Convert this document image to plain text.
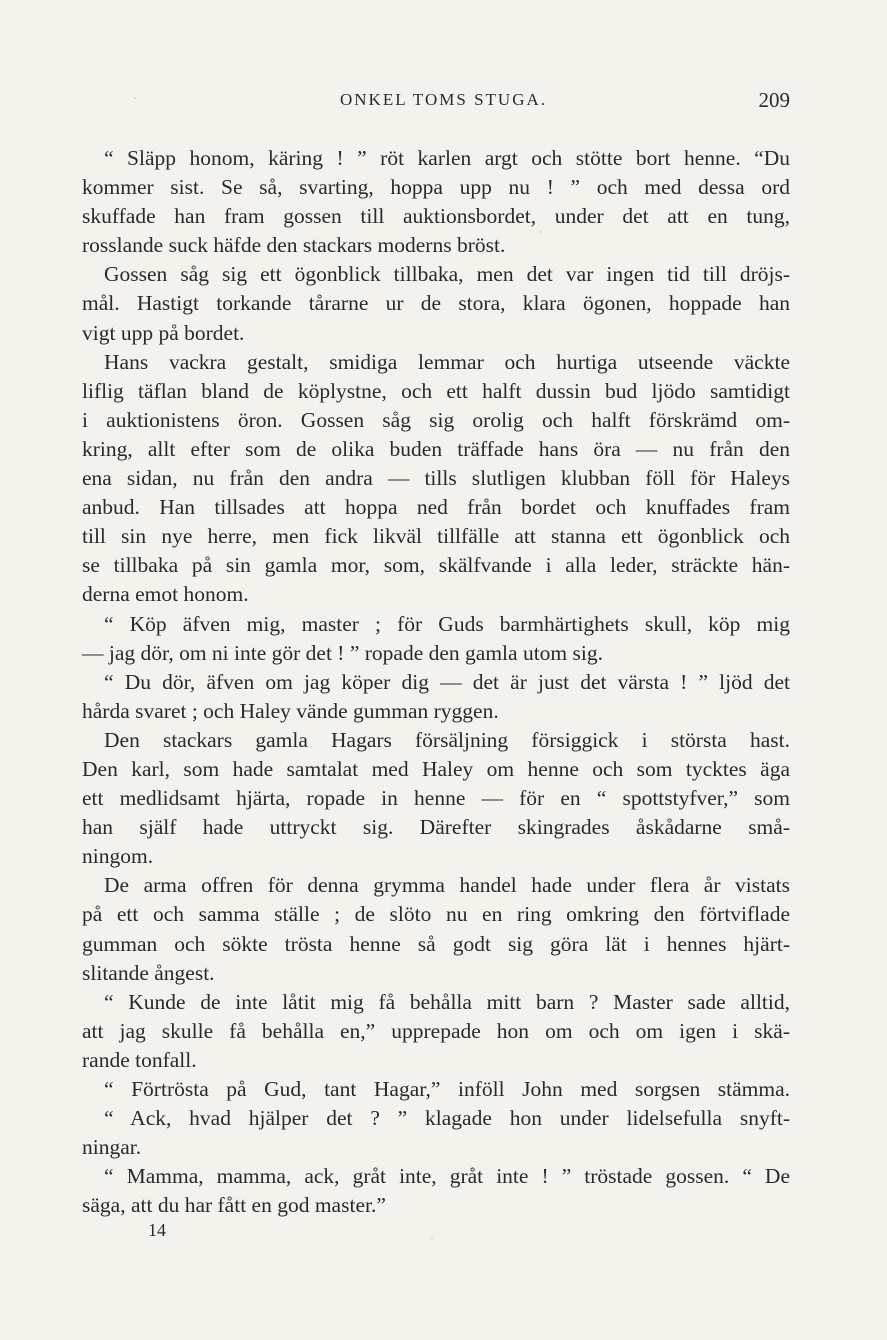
ONKEL TOMS STUGA.	209
“ Släpp honom, käring ! ” röt karlen argt och stötte bort henne. “Du
kommer sist. Se så, svarting, hoppa upp nu ! ” och med dessa ord
skuffade han fram gossen till auktionsbordet, under det att en tung,
rosslande suck häfde den stackars moderns bröst.
Gossen såg sig ett ögonblick tillbaka, men det var ingen tid till dröjs-
mål. Hastigt torkande tårarne ur de stora, klara ögonen, hoppade han
vigt upp på bordet.
Hans vackra gestalt, smidiga lemmar och hurtiga utseende väckte
liflig täflan bland de köplystne, och ett halft dussin bud ljödo samtidigt
i auktionistens öron. Gossen såg sig orolig och halft förskrämd om-
kring, allt efter som de olika buden träffade hans öra — nu från den
ena sidan, nu från den andra — tills slutligen klubban föll för Haleys
anbud. Han tillsades att hoppa ned från bordet och knuffades fram
till sin nye herre, men fick likväl tillfälle att stanna ett ögonblick och
se tillbaka på sin gamla mor, som, skälfvande i alla leder, sträckte hän-
derna emot honom.
“ Köp äfven mig, master ; för Guds barmhärtighets skull, köp mig
— jag dör, om ni inte gör det ! ” ropade den gamla utom sig.
“ Du dör, äfven om jag köper dig — det är just det värsta ! ” ljöd det
hårda svaret ; och Haley vände gumman ryggen.
Den stackars gamla Hagars försäljning försiggick i största hast.
Den karl, som hade samtalat med Haley om henne och som tycktes äga
ett medlidsamt hjärta, ropade in henne — för en “ spottstyfver,” som
han själf hade uttryckt sig. Därefter skingrades åskådarne små-
ningom.
De arma offren för denna grymma handel hade under flera år vistats
på ett och samma ställe ; de slöto nu en ring omkring den förtviflade
gumman och sökte trösta henne så godt sig göra lät i hennes hjärt-
slitande ångest.
“ Kunde de inte låtit mig få behålla mitt barn ? Master sade alltid,
att jag skulle få behålla en,” upprepade hon om och om igen i skä-
rande tonfall.
“ Förtrösta på Gud, tant Hagar,” inföll John med sorgsen stämma.
“ Ack, hvad hjälper det ? ” klagade hon under lidelsefulla snyft-
ningar.
“ Mamma, mamma, ack, gråt inte, gråt inte ! ” tröstade gossen. “ De
säga, att du har fått en god master.”
14
